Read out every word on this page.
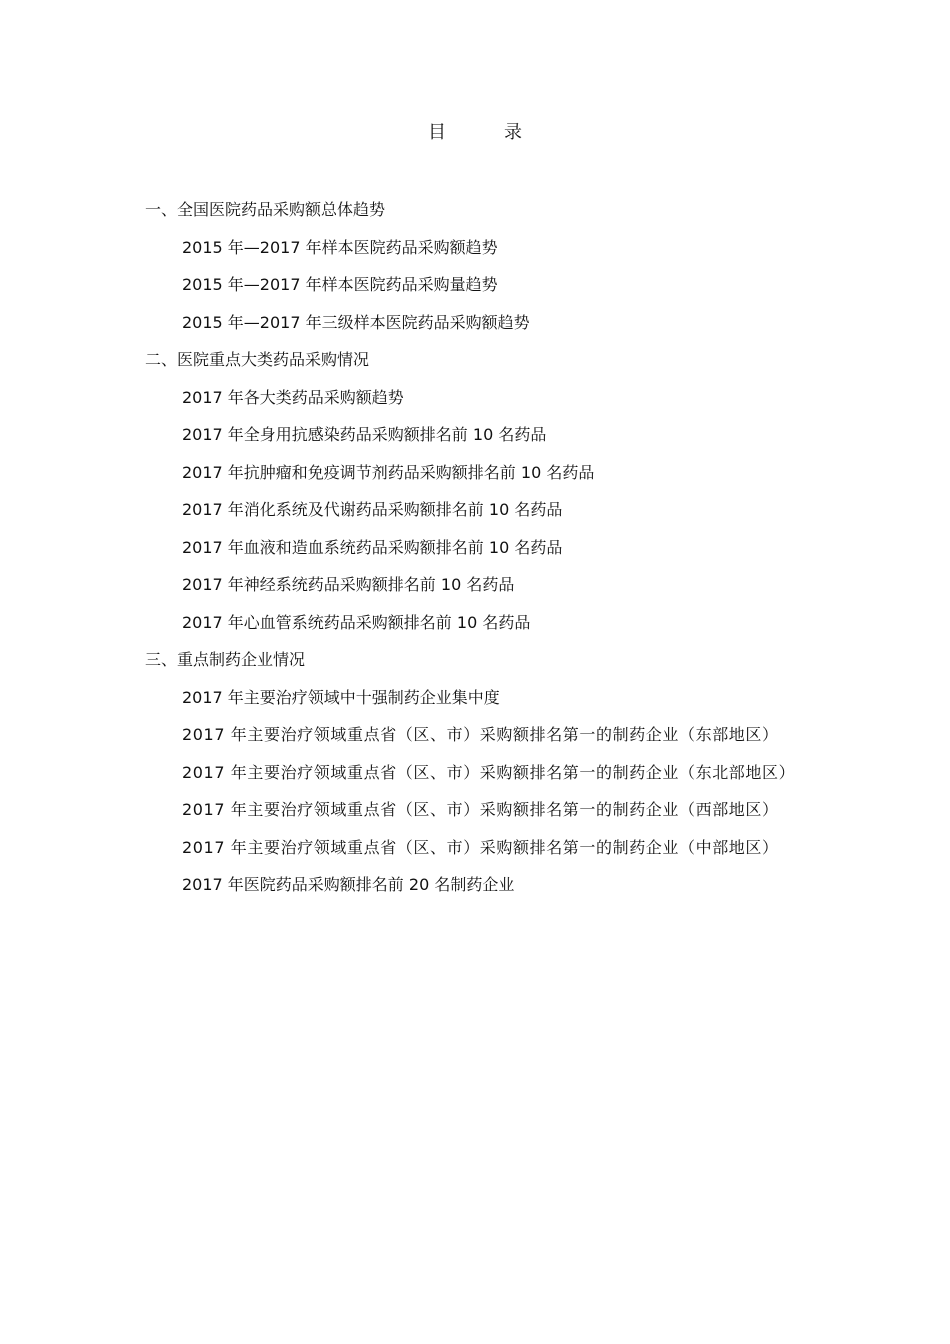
目　录
一、全国医院药品采购额总体趋势
2015 年—2017 年样本医院药品采购额趋势
2015 年—2017 年样本医院药品采购量趋势
2015 年—2017 年三级样本医院药品采购额趋势
二、医院重点大类药品采购情况
2017 年各大类药品采购额趋势
2017 年全身用抗感染药品采购额排名前 10 名药品
2017 年抗肿瘤和免疫调节剂药品采购额排名前 10 名药品
2017 年消化系统及代谢药品采购额排名前 10 名药品
2017 年血液和造血系统药品采购额排名前 10 名药品
2017 年神经系统药品采购额排名前 10 名药品
2017 年心血管系统药品采购额排名前 10 名药品
三、重点制药企业情况
2017 年主要治疗领域中十强制药企业集中度
2017 年主要治疗领域重点省（区、市）采购额排名第一的制药企业（东部地区）
2017 年主要治疗领域重点省（区、市）采购额排名第一的制药企业（东北部地区）
2017 年主要治疗领域重点省（区、市）采购额排名第一的制药企业（西部地区）
2017 年主要治疗领域重点省（区、市）采购额排名第一的制药企业（中部地区）
2017 年医院药品采购额排名前 20 名制药企业
